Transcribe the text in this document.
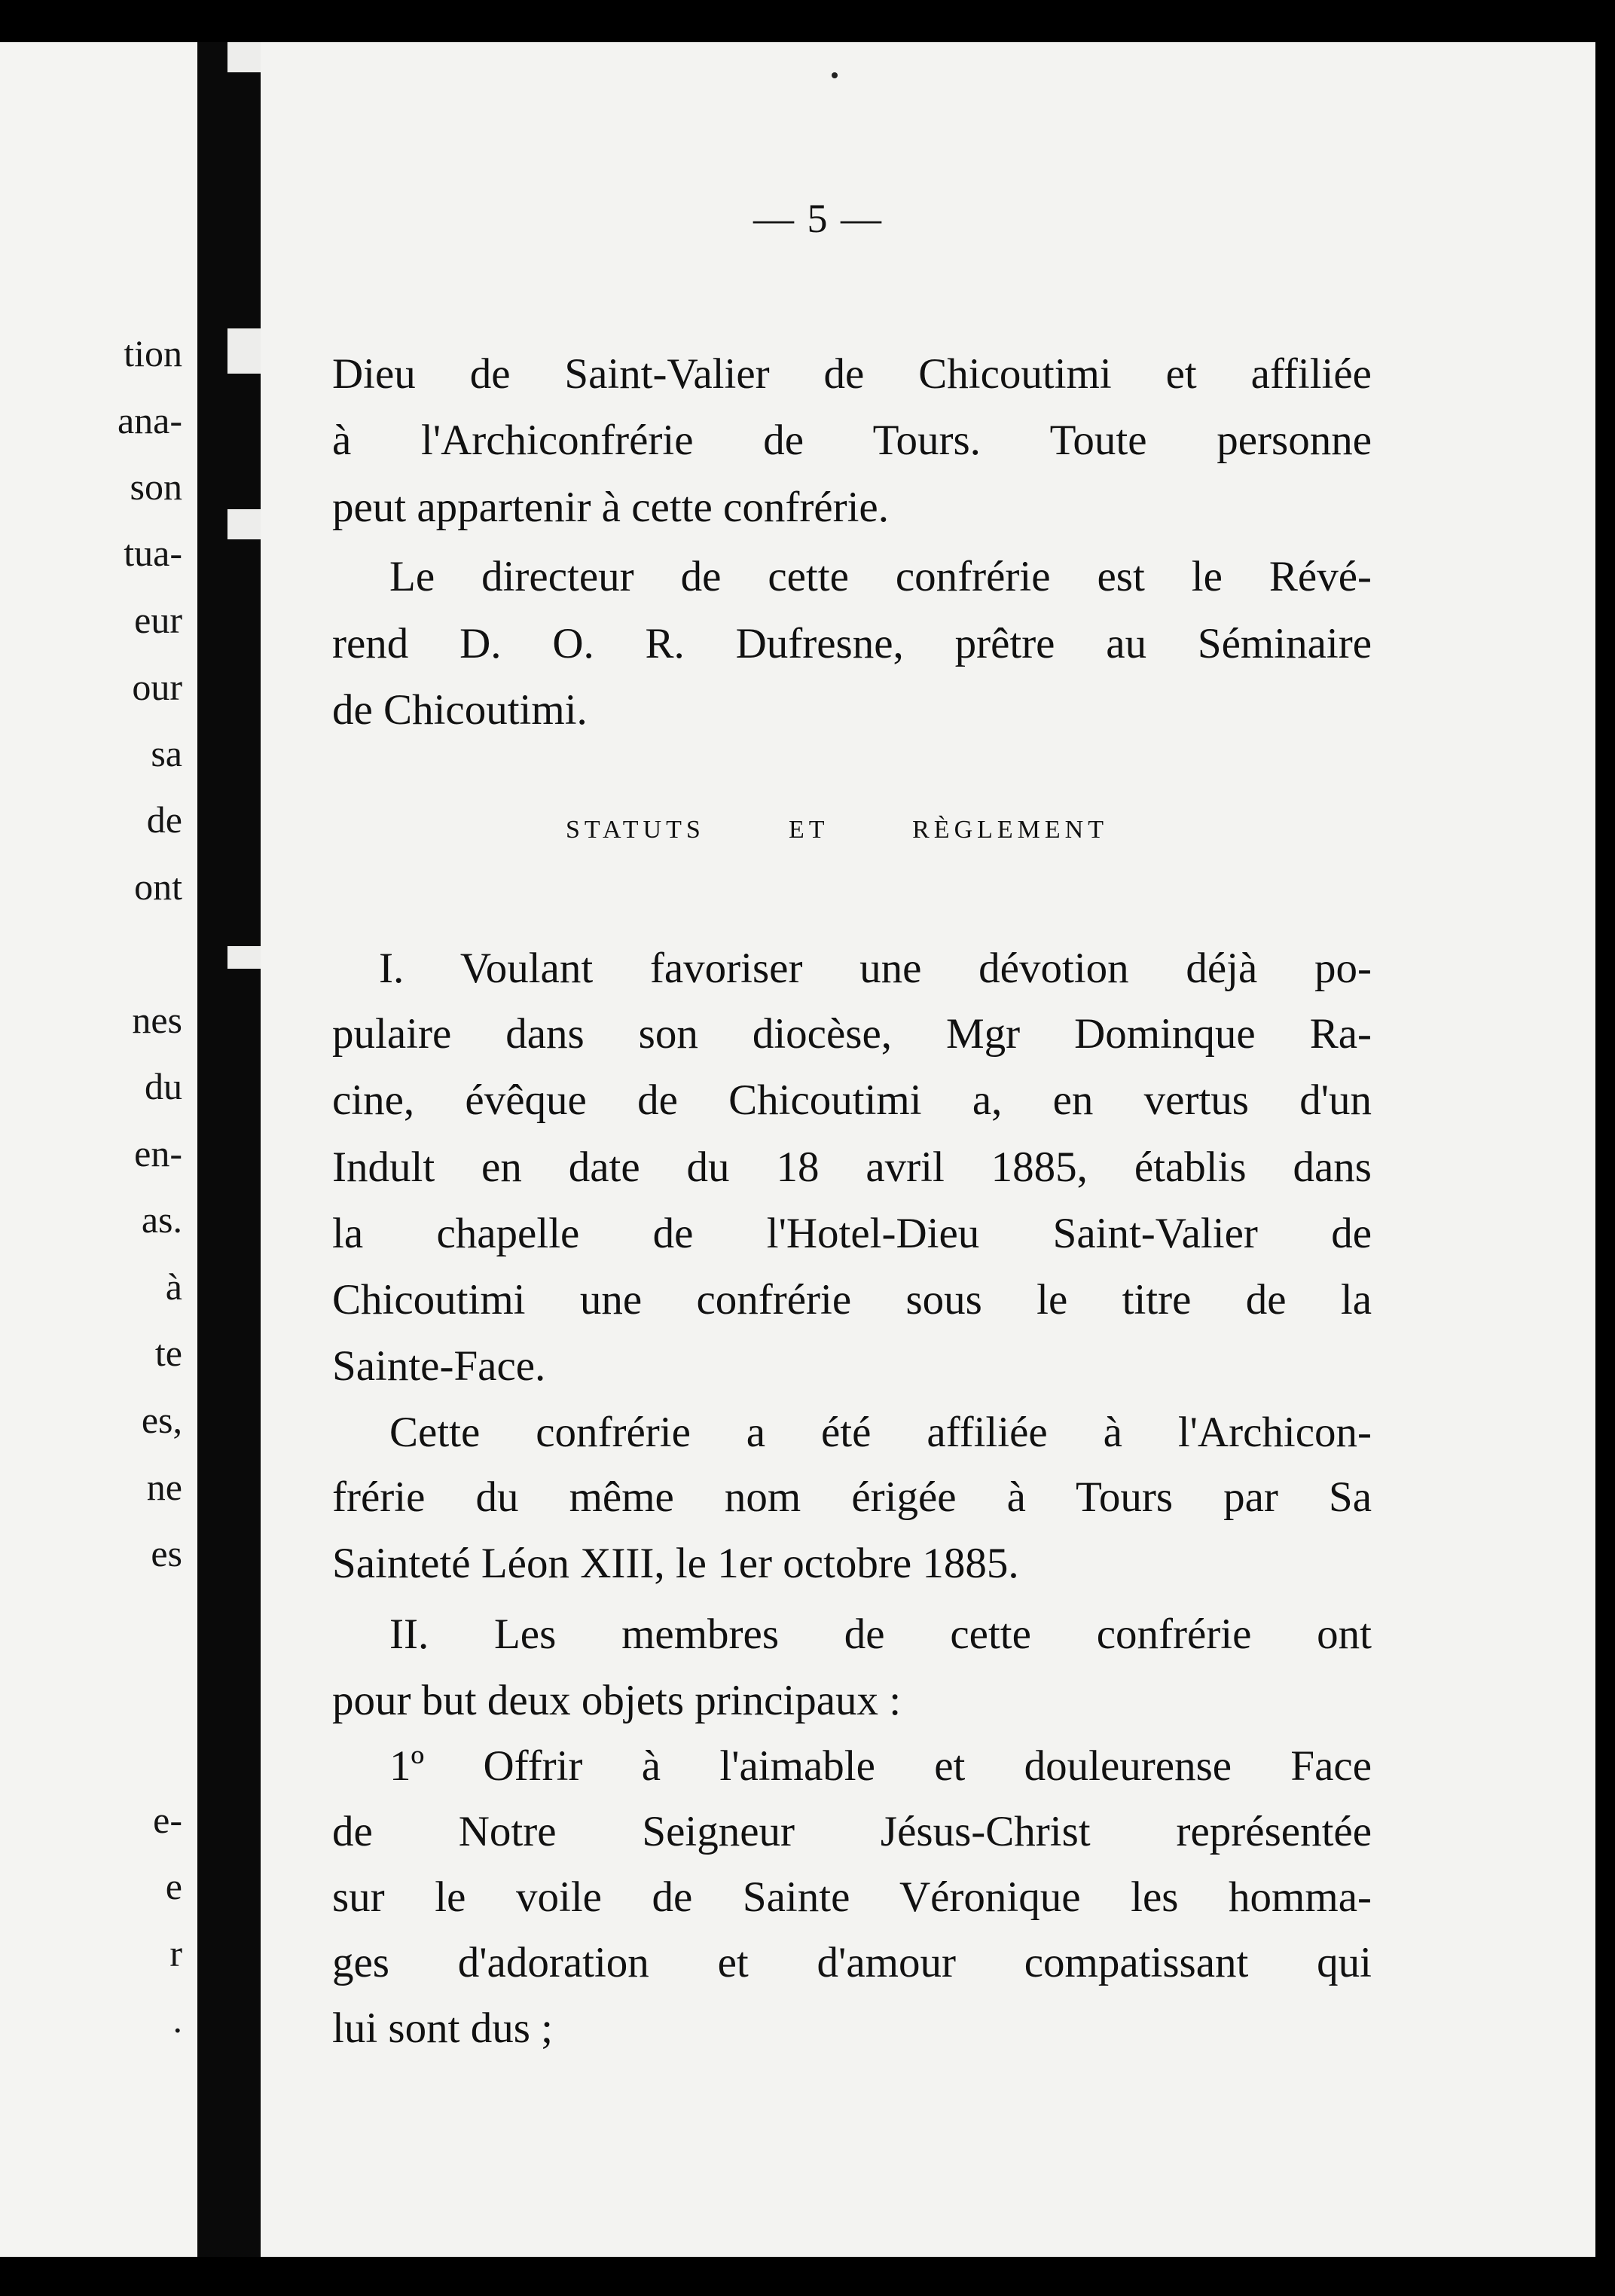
tion
ana-
son
tua-
eur
our
sa
de
ont
nes
du
en-
as.
à
te
es,
ne
es
e-
e
r
.
— 5 —
Dieu de Saint-Valier de Chicoutimi et affiliée
à l'Archiconfrérie de Tours. Toute personne
peut appartenir à cette confrérie.
Le directeur de cette confrérie est le Révé-
rend D. O. R. Dufresne, prêtre au Séminaire
de Chicoutimi.
STATUTS ET RÈGLEMENT
I. Voulant favoriser une dévotion déjà po-
pulaire dans son diocèse, Mgr Dominque Ra-
cine, évêque de Chicoutimi a, en vertus d'un
Indult en date du 18 avril 1885, établis dans
la chapelle de l'Hotel-Dieu Saint-Valier de
Chicoutimi une confrérie sous le titre de la
Sainte-Face.
Cette confrérie a été affiliée à l'Archicon-
frérie du même nom érigée à Tours par Sa
Sainteté Léon XIII, le 1er octobre 1885.
II. Les membres de cette confrérie ont
pour but deux objets principaux :
1º Offrir à l'aimable et douleurense Face
de Notre Seigneur Jésus-Christ représentée
sur le voile de Sainte Véronique les homma-
ges d'adoration et d'amour compatissant qui
lui sont dus ;
